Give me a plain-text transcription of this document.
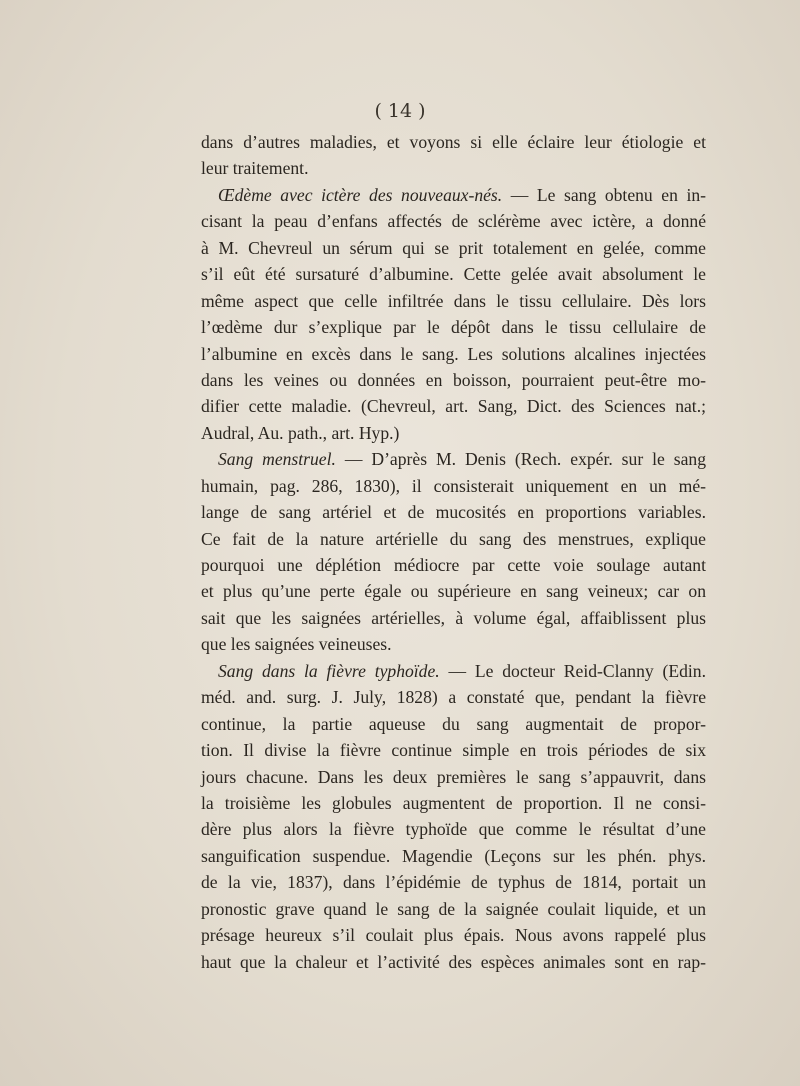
( 14 )
dans d’autres maladies, et voyons si elle éclaire leur étiologie et
leur traitement.
Œdème avec ictère des nouveaux-nés. — Le sang obtenu en in-
cisant la peau d’enfans affectés de sclérème avec ictère, a donné
à M. Chevreul un sérum qui se prit totalement en gelée, comme
s’il eût été sursaturé d’albumine. Cette gelée avait absolument le
même aspect que celle infiltrée dans le tissu cellulaire. Dès lors
l’œdème dur s’explique par le dépôt dans le tissu cellulaire de
l’albumine en excès dans le sang. Les solutions alcalines injectées
dans les veines ou données en boisson, pourraient peut-être mo-
difier cette maladie. (Chevreul, art. Sang, Dict. des Sciences nat.;
Audral, Au. path., art. Hyp.)
Sang menstruel. — D’après M. Denis (Rech. expér. sur le sang
humain, pag. 286, 1830), il consisterait uniquement en un mé-
lange de sang artériel et de mucosités en proportions variables.
Ce fait de la nature artérielle du sang des menstrues, explique
pourquoi une déplétion médiocre par cette voie soulage autant
et plus qu’une perte égale ou supérieure en sang veineux; car on
sait que les saignées artérielles, à volume égal, affaiblissent plus
que les saignées veineuses.
Sang dans la fièvre typhoïde. — Le docteur Reid-Clanny (Edin.
méd. and. surg. J. July, 1828) a constaté que, pendant la fièvre
continue, la partie aqueuse du sang augmentait de propor-
tion. Il divise la fièvre continue simple en trois périodes de six
jours chacune. Dans les deux premières le sang s’appauvrit, dans
la troisième les globules augmentent de proportion. Il ne consi-
dère plus alors la fièvre typhoïde que comme le résultat d’une
sanguification suspendue. Magendie (Leçons sur les phén. phys.
de la vie, 1837), dans l’épidémie de typhus de 1814, portait un
pronostic grave quand le sang de la saignée coulait liquide, et un
présage heureux s’il coulait plus épais. Nous avons rappelé plus
haut que la chaleur et l’activité des espèces animales sont en rap-
